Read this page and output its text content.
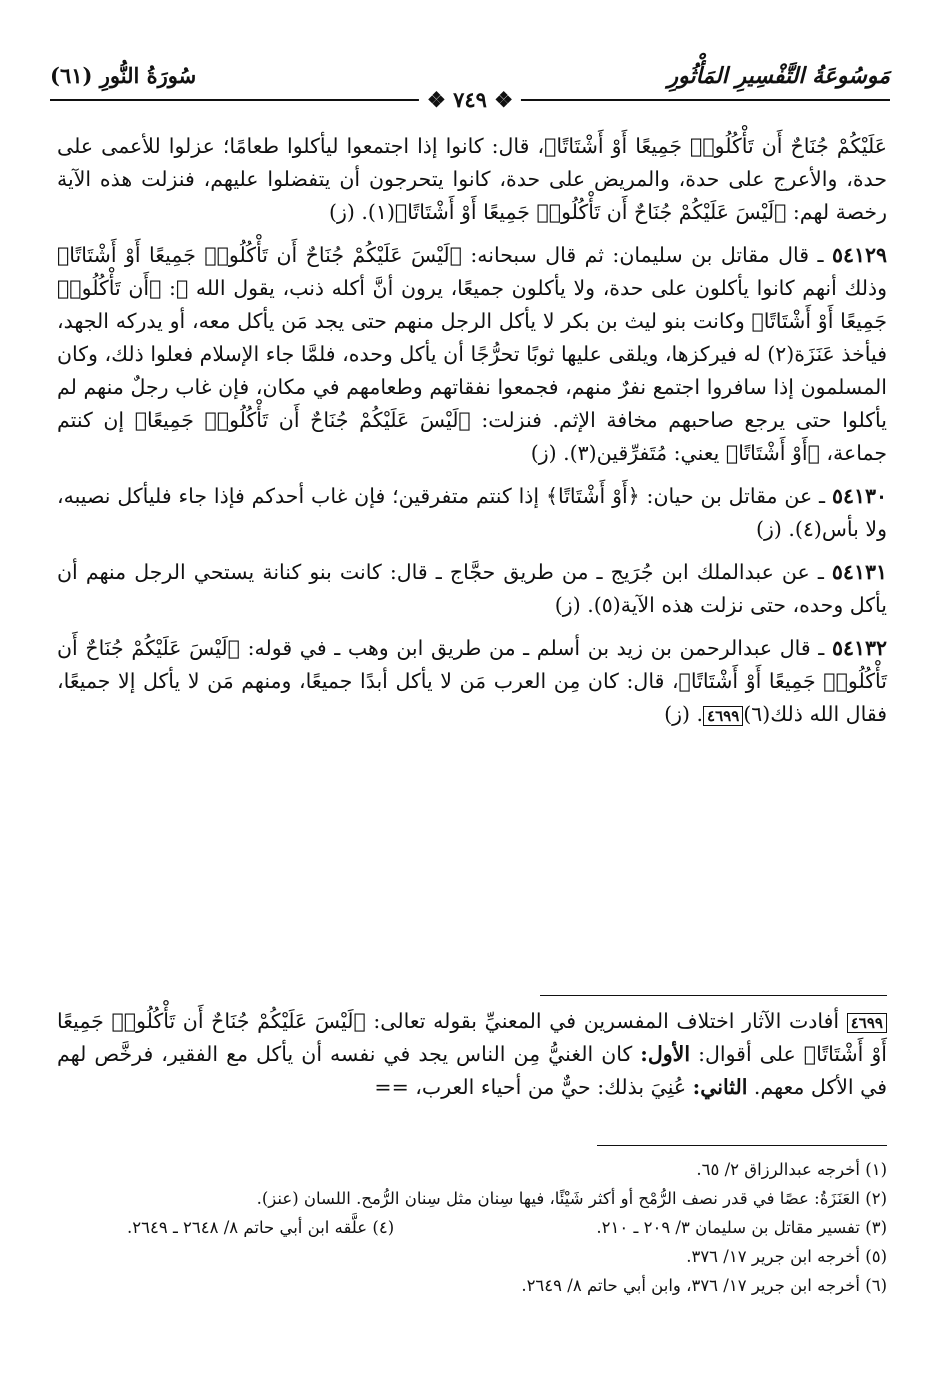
مَوسُوعَةُ التَّفْسِيرِ المَأْثُورِ
سُورَةُ النُّورِ (٦١)
❖ ٧٤٩ ❖

عَلَيْكُمْ جُنَاحٌ أَن تَأْكُلُوا۟ جَمِيعًا أَوْ أَشْتَاتًا﴾، قال: كانوا إذا اجتمعوا ليأكلوا طعامًا؛ عزلوا للأعمى على حدة، والأعرج على حدة، والمريض على حدة، كانوا يتحرجون أن يتفضلوا عليهم، فنزلت هذه الآية رخصة لهم: ﴿لَيْسَ عَلَيْكُمْ جُنَاحٌ أَن تَأْكُلُوا۟ جَمِيعًا أَوْ أَشْتَاتًا﴾(١). (ز)

٥٤١٢٩ ـ قال مقاتل بن سليمان: ثم قال سبحانه: ﴿لَيْسَ عَلَيْكُمْ جُنَاحٌ أَن تَأْكُلُوا۟ جَمِيعًا أَوْ أَشْتَاتًا﴾ وذلك أنهم كانوا يأكلون على حدة، ولا يأكلون جميعًا، يرون أنَّ أكله ذنب، يقول الله ﷻ: ﴿أَن تَأْكُلُوا۟ جَمِيعًا أَوْ أَشْتَاتًا﴾ وكانت بنو ليث بن بكر لا يأكل الرجل منهم حتى يجد مَن يأكل معه، أو يدركه الجهد، فيأخذ عَنَزَة(٢) له فيركزها، ويلقى عليها ثوبًا تحرُّجًا أن يأكل وحده، فلمَّا جاء الإسلام فعلوا ذلك، وكان المسلمون إذا سافروا اجتمع نفرٌ منهم، فجمعوا نفقاتهم وطعامهم في مكان، فإن غاب رجلٌ منهم لم يأكلوا حتى يرجع صاحبهم مخافة الإثم. فنزلت: ﴿لَيْسَ عَلَيْكُمْ جُنَاحٌ أَن تَأْكُلُوا۟ جَمِيعًا﴾ إن كنتم جماعة، ﴿أَوْ أَشْتَاتًا﴾ يعني: مُتَفرِّقين(٣). (ز)

٥٤١٣٠ ـ عن مقاتل بن حيان: ﴿أَوْ أَشْتَاتًا﴾ إذا كنتم متفرقين؛ فإن غاب أحدكم فإذا جاء فليأكل نصيبه، ولا بأس(٤). (ز)

٥٤١٣١ ـ عن عبدالملك ابن جُرَيج ـ من طريق حجَّاج ـ قال: كانت بنو كنانة يستحي الرجل منهم أن يأكل وحده، حتى نزلت هذه الآية(٥). (ز)

٥٤١٣٢ ـ قال عبدالرحمن بن زيد بن أسلم ـ من طريق ابن وهب ـ في قوله: ﴿لَيْسَ عَلَيْكُمْ جُنَاحٌ أَن تَأْكُلُوا۟ جَمِيعًا أَوْ أَشْتَاتًا﴾، قال: كان مِن العرب مَن لا يأكل أبدًا جميعًا، ومنهم مَن لا يأكل إلا جميعًا، فقال الله ذلك(٦)٤٦٩٩. (ز)

٤٦٩٩ أفادت الآثار اختلاف المفسرين في المعنيِّ بقوله تعالى: ﴿لَيْسَ عَلَيْكُمْ جُنَاحٌ أَن تَأْكُلُوا۟ جَمِيعًا أَوْ أَشْتَاتًا﴾ على أقوال: الأول: كان الغنيُّ مِن الناس يجد في نفسه أن يأكل مع الفقير، فرخَّص لهم في الأكل معهم. الثاني: عُنِيَ بذلك: حيٌّ من أحياء العرب، ==

(١) أخرجه عبدالرزاق ٢/ ٦٥.
(٢) العَنَزَةُ: عصًا في قدر نصف الرُّمْح أو أكثر شَيْئًا، فيها سِنان مثل سِنان الرُّمح. اللسان (عنز).
(٣) تفسير مقاتل بن سليمان ٣/ ٢٠٩ ـ ٢١٠.
(٤) علَّقه ابن أبي حاتم ٨/ ٢٦٤٨ ـ ٢٦٤٩.
(٥) أخرجه ابن جرير ١٧/ ٣٧٦.
(٦) أخرجه ابن جرير ١٧/ ٣٧٦، وابن أبي حاتم ٨/ ٢٦٤٩.
